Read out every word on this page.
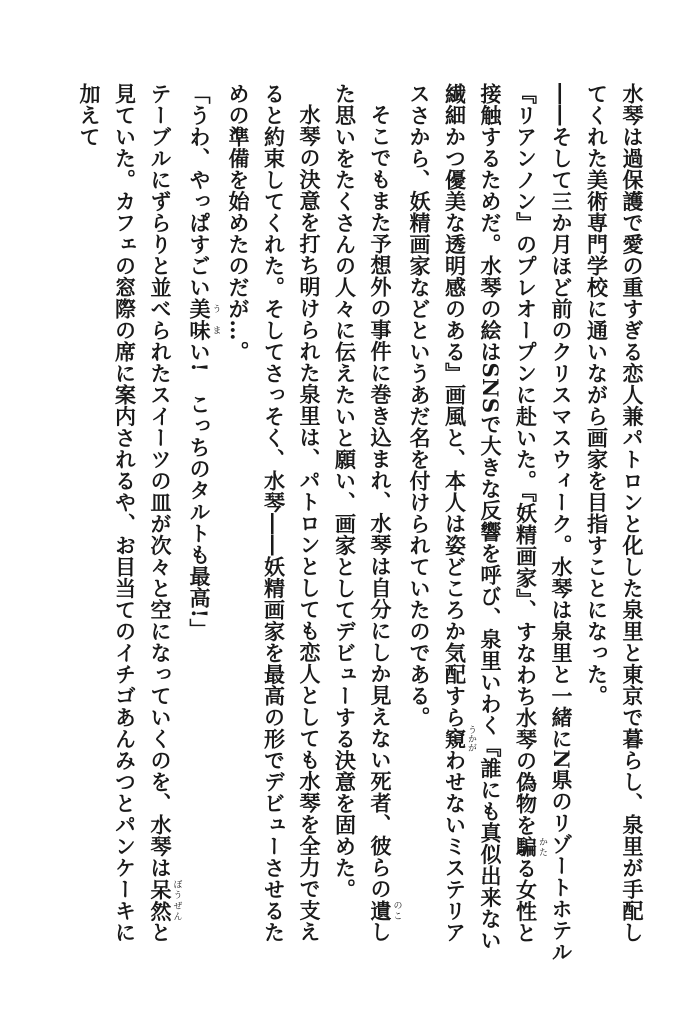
水琴は過保護で愛の重すぎる恋人兼パトロンと化した泉里と東京で暮らし、泉里が手配してくれた美術専門学校に通いながら画家を目指すことになった。

――そして三か月ほど前のクリスマスウィーク。水琴は泉里と一緒にN県のリゾートホテル『リアンノン』のプレオープンに赴いた。『妖精画家』、すなわち水琴の偽物を騙かたる女性と接触するためだ。水琴の絵はSNSで大きな反響を呼び、泉里いわく『誰にも真似出来ない繊細かつ優美な透明感のある』画風と、本人は姿どころか気配すら窺うかがわせないミステリアスさから、妖精画家などというあだ名を付けられていたのである。

そこでもまた予想外の事件に巻き込まれ、水琴は自分にしか見えない死者、彼らの遺のこした思いをたくさんの人々に伝えたいと願い、画家としてデビューする決意を固めた。

水琴の決意を打ち明けられた泉里は、パトロンとしても恋人としても水琴を全力で支えると約束してくれた。そしてさっそく、水琴――妖精画家を最高の形でデビューさせるための準備を始めたのだが…。

「うわ、やっぱすごい美味うまい!　こっちのタルトも最高!」

テーブルにずらりと並べられたスイーツの皿が次々と空になっていくのを、水琴は呆然ぼうぜんと見ていた。カフェの窓際の席に案内されるや、お目当てのイチゴあんみつとパンケーキに加えて
